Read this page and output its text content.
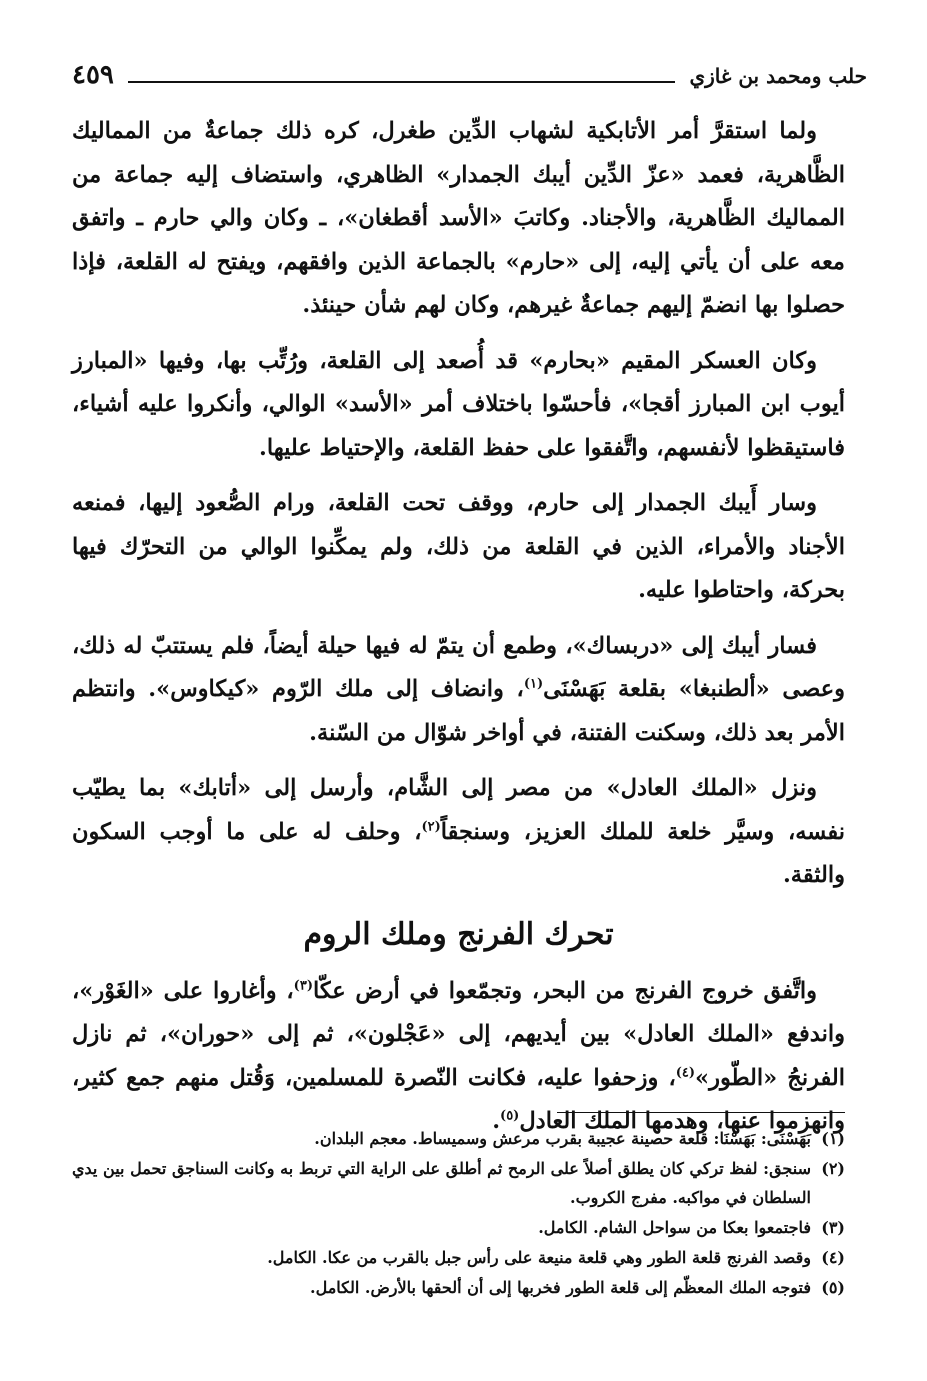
٤٥٩	حلب ومحمد بن غازي

ولما استقرَّ أمر الأتابكية لشهاب الدِّين طغرل، كره ذلك جماعةٌ من المماليك الظَّاهرية، فعمد «عزّ الدِّين أيبك الجمدار» الظاهري، واستضاف إليه جماعة من المماليك الظَّاهرية، والأجناد. وكاتبَ «الأسد أقطغان»، ـ وكان والي حارم ـ واتفق معه على أن يأتي إليه، إلى «حارم» بالجماعة الذين وافقهم، ويفتح له القلعة، فإذا حصلوا بها انضمّ إليهم جماعةٌ غيرهم، وكان لهم شأن حينئذ.

وكان العسكر المقيم «بحارم» قد أُصعد إلى القلعة، ورُتِّب بها، وفيها «المبارز أيوب ابن المبارز أقجا»، فأحسّوا باختلاف أمر «الأسد» الوالي، وأنكروا عليه أشياء، فاستيقظوا لأنفسهم، واتَّفقوا على حفظ القلعة، والإحتياط عليها.

وسار أَيبك الجمدار إلى حارم، ووقف تحت القلعة، ورام الصُّعود إليها، فمنعه الأجناد والأمراء، الذين في القلعة من ذلك، ولم يمكِّنوا الوالي من التحرّك فيها بحركة، واحتاطوا عليه.

فسار أيبك إلى «دربساك»، وطمع أن يتمّ له فيها حيلة أيضاً، فلم يستتبّ له ذلك، وعصى «ألطنبغا» بقلعة بَهَسْنَى$^{(١)}$، وانضاف إلى ملك الرّوم «كيكاوس». وانتظم الأمر بعد ذلك، وسكنت الفتنة، في أواخر شوّال من السّنة.

ونزل «الملك العادل» من مصر إلى الشَّام، وأرسل إلى «أتابك» بما يطيّب نفسه، وسيَّر خلعة للملك العزيز، وسنجقاً$^{(٢)}$، وحلف له على ما أوجب السكون والثقة.

تحرك الفرنج وملك الروم

واتَّفق خروج الفرنج من البحر، وتجمّعوا في أرض عكّا$^{(٣)}$، وأغاروا على «الغَوْر»، واندفع «الملك العادل» بين أيديهم، إلى «عَجْلون»، ثم إلى «حوران»، ثم نازل الفرنجُ «الطّور»$^{(٤)}$، وزحفوا عليه، فكانت النّصرة للمسلمين، وَقُتل منهم جمع كثير، وانهزموا عنها، وهدمها الملك العادل$^{(٥)}$.

(١)
بَهَسْنَى: بَهَسْنَا: قلعة حصينة عجيبة بقرب مرعش وسميساط. معجم البلدان.
(٢)
سنجق: لفظ تركي كان يطلق أصلاً على الرمح ثم أطلق على الراية التي تربط به وكانت السناجق تحمل بين يدي السلطان في مواكبه. مفرج الكروب.
(٣)
فاجتمعوا بعكا من سواحل الشام. الكامل.
(٤)
وقصد الفرنج قلعة الطور وهي قلعة منيعة على رأس جبل بالقرب من عكا. الكامل.
(٥)
فتوجه الملك المعظّم إلى قلعة الطور فخربها إلى أن ألحقها بالأرض. الكامل.
